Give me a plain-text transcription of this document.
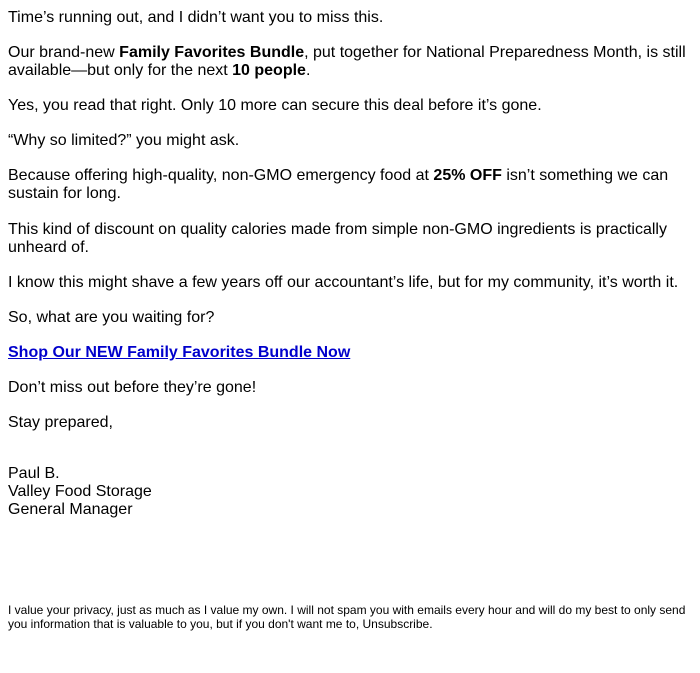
Time’s running out, and I didn’t want you to miss this.

Our brand-new Family Favorites Bundle, put together for National Preparedness Month, is still available—but only for the next 10 people.

Yes, you read that right. Only 10 more can secure this deal before it’s gone.

“Why so limited?” you might ask.

Because offering high-quality, non-GMO emergency food at 25% OFF isn’t something we can sustain for long.

This kind of discount on quality calories made from simple non-GMO ingredients is practically unheard of.

I know this might shave a few years off our accountant’s life, but for my community, it’s worth it.

So, what are you waiting for?

Shop Our NEW Family Favorites Bundle Now

Don’t miss out before they’re gone!

Stay prepared,

Paul B.
Valley Food Storage
General Manager

I value your privacy, just as much as I value my own. I will not spam you with emails every hour and will do my best to only send you information that is valuable to you, but if you don't want me to, Unsubscribe.
